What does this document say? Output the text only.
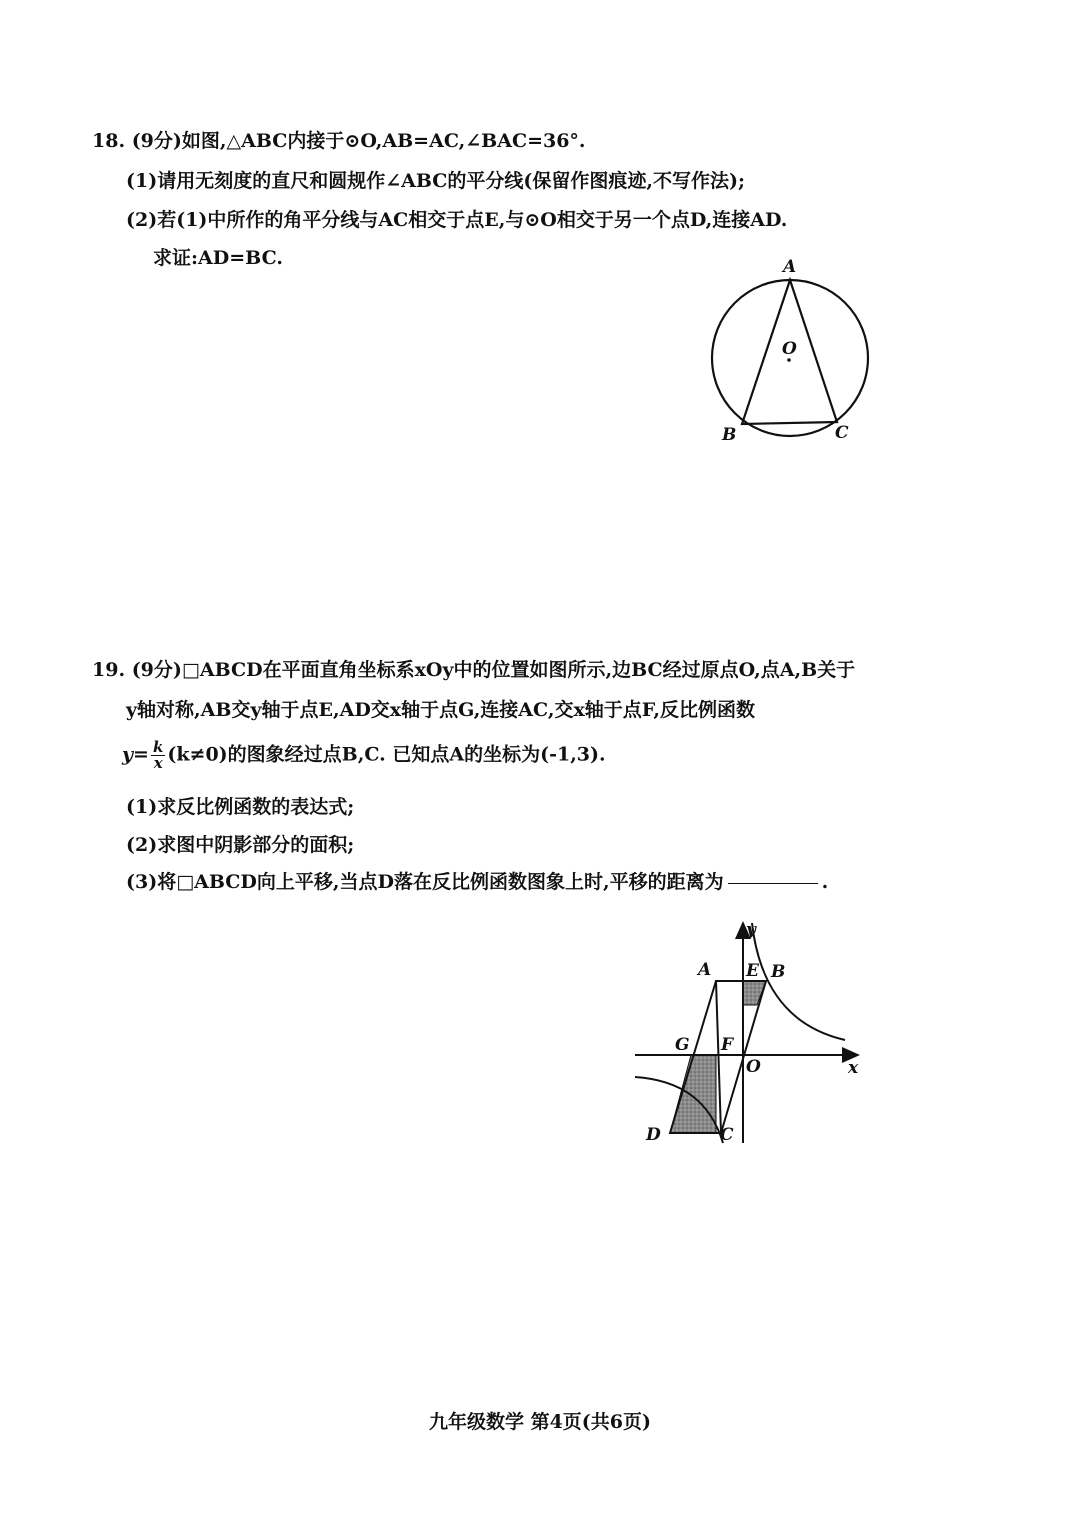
18. (9分)如图,△ABC内接于⊙O,AB=AC,∠BAC=36°.
(1)请用无刻度的直尺和圆规作∠ABC的平分线(保留作图痕迹,不写作法);
(2)若(1)中所作的角平分线与AC相交于点E,与⊙O相交于另一个点D,连接AD.
求证:AD=BC.	A
O
B	C
19. (9分)□ABCD在平面直角坐标系xOy中的位置如图所示,边BC经过原点O,点A,B关于
y轴对称,AB交y轴于点E,AD交x轴于点G,连接AC,交x轴于点F,反比例函数
$y= \frac{k}{x} (k\ne 0)$的图象经过点B,C. 已知点A的坐标为(-1,3).
(1)求反比例函数的表达式;
(2)求图中阴影部分的面积;
(3)将□ABCD向上平移,当点D落在反比例函数图象上时,平移的距离为	.
A E B
G F
O	x
y
D	C
九年级数学 第4页(共6页)
